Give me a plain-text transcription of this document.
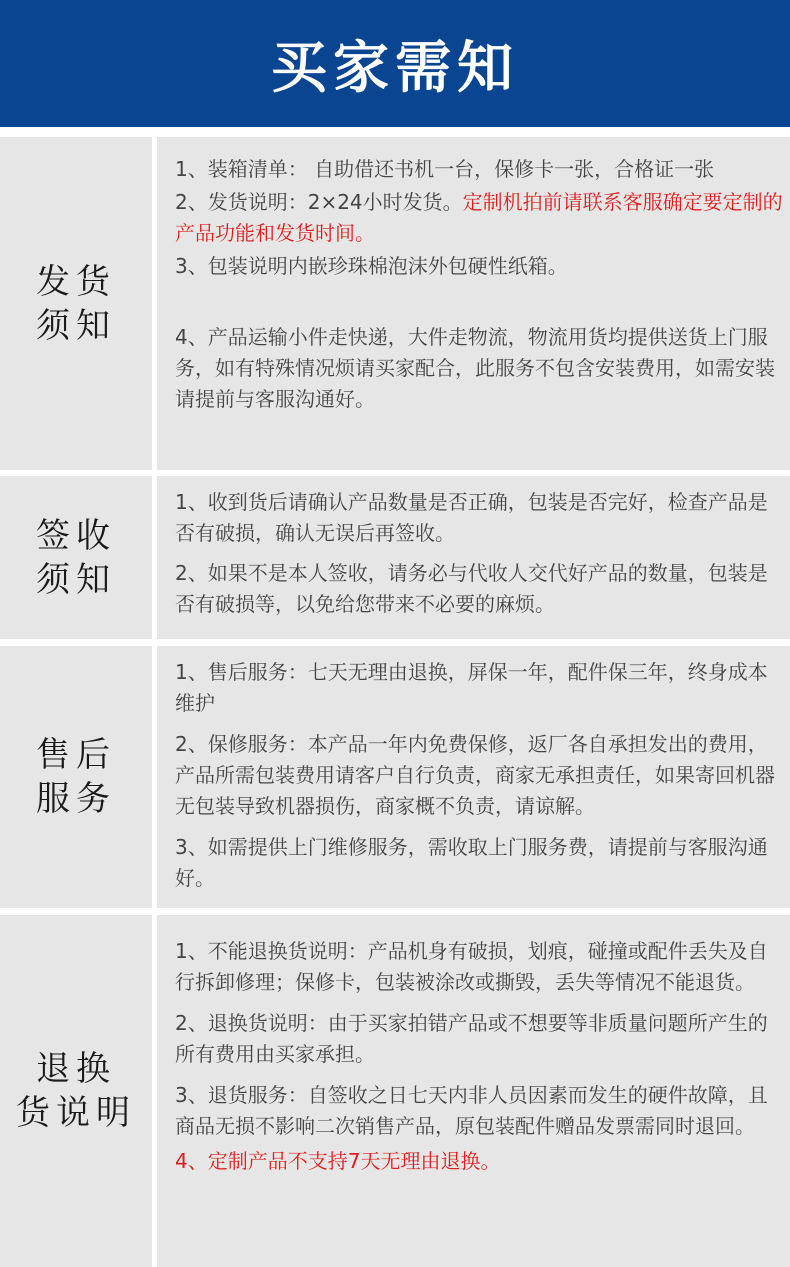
买家需知
发货
须知

1、装箱清单： 自助借还书机一台，保修卡一张，合格证一张

2、发货说明：2×24小时发货。定制机拍前请联系客服确定要定制的产品功能和发货时间。

3、包装说明内嵌珍珠棉泡沫外包硬性纸箱。

4、产品运输小件走快递，大件走物流，物流用货均提供送货上门服务，如有特殊情况烦请买家配合，此服务不包含安装费用，如需安装请提前与客服沟通好。

签收
须知

1、收到货后请确认产品数量是否正确，包装是否完好，检查产品是否有破损，确认无误后再签收。

2、如果不是本人签收，请务必与代收人交代好产品的数量，包装是否有破损等，以免给您带来不必要的麻烦。

售后
服务

1、售后服务：七天无理由退换，屏保一年，配件保三年，终身成本维护

2、保修服务：本产品一年内免费保修，返厂各自承担发出的费用，产品所需包装费用请客户自行负责，商家无承担责任，如果寄回机器无包装导致机器损伤，商家概不负责，请谅解。

3、如需提供上门维修服务，需收取上门服务费，请提前与客服沟通好。

退换
货说明

1、不能退换货说明：产品机身有破损，划痕，碰撞或配件丢失及自行拆卸修理；保修卡，包装被涂改或撕毁，丢失等情况不能退货。

2、退换货说明：由于买家拍错产品或不想要等非质量问题所产生的所有费用由买家承担。

3、退货服务：自签收之日七天内非人员因素而发生的硬件故障，且商品无损不影响二次销售产品，原包装配件赠品发票需同时退回。

4、定制产品不支持7天无理由退换。
